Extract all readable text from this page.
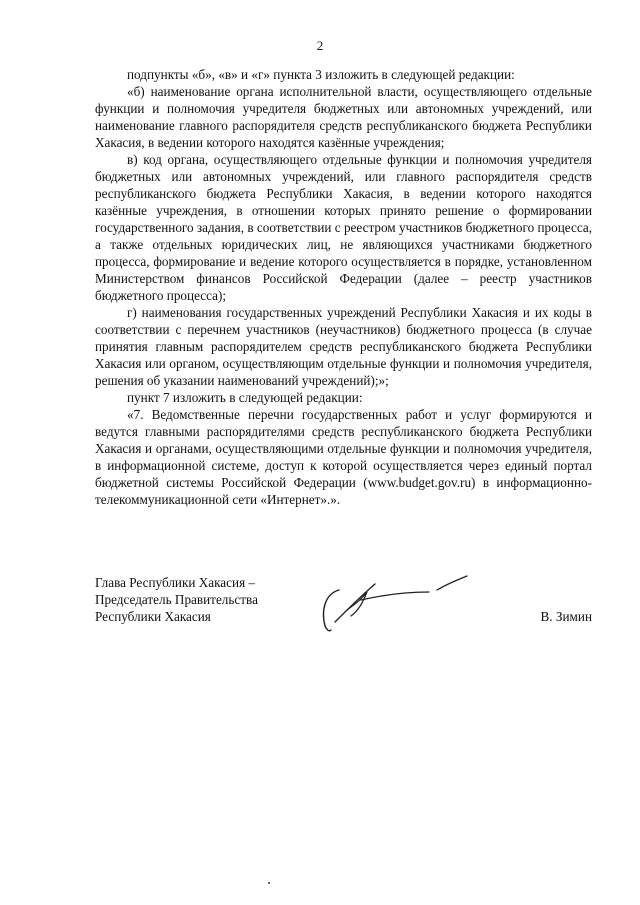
2

подпункты «б», «в» и «г» пункта 3 изложить в следующей редакции:

«б) наименование органа исполнительной власти, осуществляющего отдельные функции и полномочия учредителя бюджетных или автономных учреждений, или наименование главного распорядителя средств республиканского бюджета Республики Хакасия, в ведении которого находятся казённые учреждения;

в) код органа, осуществляющего отдельные функции и полномочия учредителя бюджетных или автономных учреждений, или главного распорядителя средств республиканского бюджета Республики Хакасия, в ведении которого находятся казённые учреждения, в отношении которых принято решение о формировании государственного задания, в соответствии с реестром участников бюджетного процесса, а также отдельных юридических лиц, не являющихся участниками бюджетного процесса, формирование и ведение которого осуществляется в порядке, установленном Министерством финансов Российской Федерации (далее – реестр участников бюджетного процесса);

г) наименования государственных учреждений Республики Хакасия и их коды в соответствии с перечнем участников (неучастников) бюджетного процесса (в случае принятия главным распорядителем средств республиканского бюджета Республики Хакасия или органом, осуществляющим отдельные функции и полномочия учредителя, решения об указании наименований учреждений);»;

пункт 7 изложить в следующей редакции:

«7. Ведомственные перечни государственных работ и услуг формируются и ведутся главными распорядителями средств республиканского бюджета Республики Хакасия и органами, осуществляющими отдельные функции и полномочия учредителя, в информационной системе, доступ к которой осуществляется через единый портал бюджетной системы Российской Федерации (www.budget.gov.ru) в информационно-телекоммуникационной сети «Интернет».».

Глава Республики Хакасия –
Председатель Правительства
Республики Хакасия	В. Зимин
